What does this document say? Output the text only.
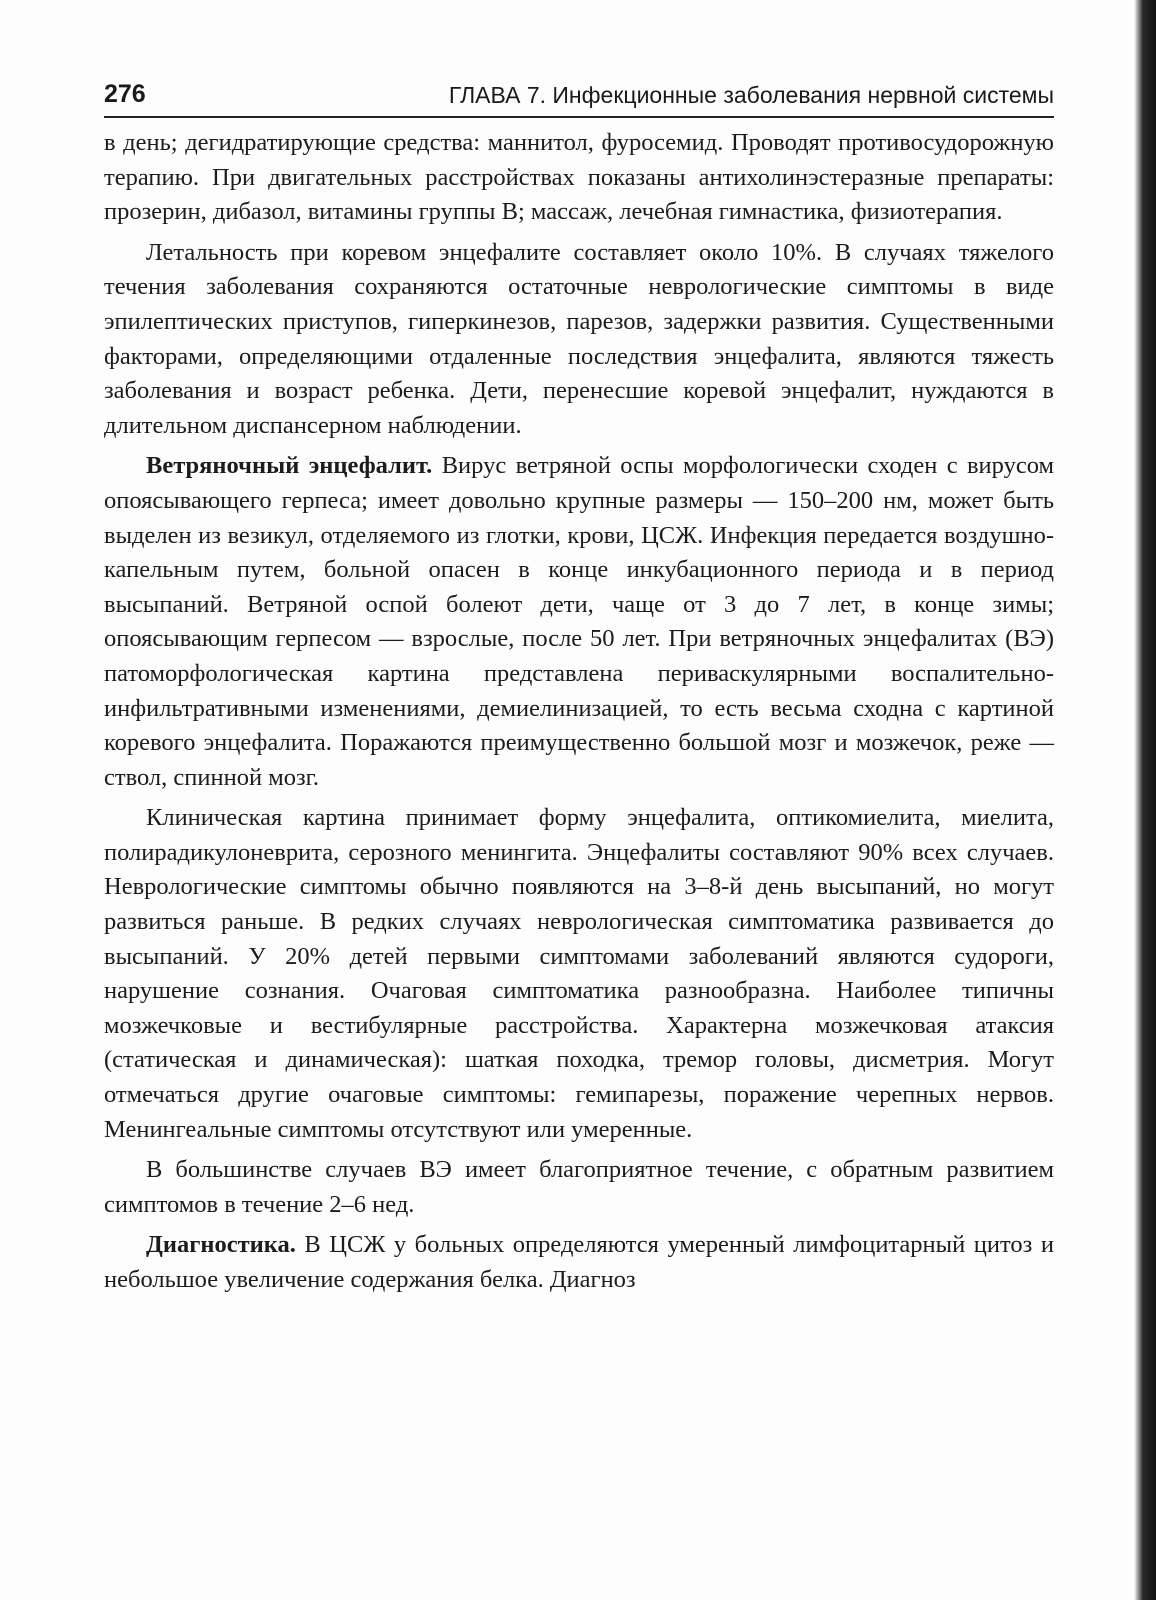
276	ГЛАВА 7. Инфекционные заболевания нервной системы

в день; дегидратирующие средства: маннитол, фуросемид. Проводят противосудорожную терапию. При двигательных расстройствах показаны антихолинэстеразные препараты: прозерин, дибазол, витамины группы B; массаж, лечебная гимнастика, физиотерапия.

Летальность при коревом энцефалите составляет около 10%. В случаях тяжелого течения заболевания сохраняются остаточные неврологические симптомы в виде эпилептических приступов, гиперкинезов, парезов, задержки развития. Существенными факторами, определяющими отдаленные последствия энцефалита, являются тяжесть заболевания и возраст ребенка. Дети, перенесшие коревой энцефалит, нуждаются в длительном диспансерном наблюдении.

Ветряночный энцефалит. Вирус ветряной оспы морфологически сходен с вирусом опоясывающего герпеса; имеет довольно крупные размеры — 150–200 нм, может быть выделен из везикул, отделяемого из глотки, крови, ЦСЖ. Инфекция передается воздушно-капельным путем, больной опасен в конце инкубационного периода и в период высыпаний. Ветряной оспой болеют дети, чаще от 3 до 7 лет, в конце зимы; опоясывающим герпесом — взрослые, после 50 лет. При ветряночных энцефалитах (ВЭ) патоморфологическая картина представлена периваскулярными воспалительно-инфильтративными изменениями, демиелинизацией, то есть весьма сходна с картиной коревого энцефалита. Поражаются преимущественно большой мозг и мозжечок, реже — ствол, спинной мозг.

Клиническая картина принимает форму энцефалита, оптикомиелита, миелита, полирадикулоневрита, серозного менингита. Энцефалиты составляют 90% всех случаев. Неврологические симптомы обычно появляются на 3–8-й день высыпаний, но могут развиться раньше. В редких случаях неврологическая симптоматика развивается до высыпаний. У 20% детей первыми симптомами заболеваний являются судороги, нарушение сознания. Очаговая симптоматика разнообразна. Наиболее типичны мозжечковые и вестибулярные расстройства. Характерна мозжечковая атаксия (статическая и динамическая): шаткая походка, тремор головы, дисметрия. Могут отмечаться другие очаговые симптомы: гемипарезы, поражение черепных нервов. Менингеальные симптомы отсутствуют или умеренные.

В большинстве случаев ВЭ имеет благоприятное течение, с обратным развитием симптомов в течение 2–6 нед.

Диагностика. В ЦСЖ у больных определяются умеренный лимфоцитарный цитоз и небольшое увеличение содержания белка. Диагноз
